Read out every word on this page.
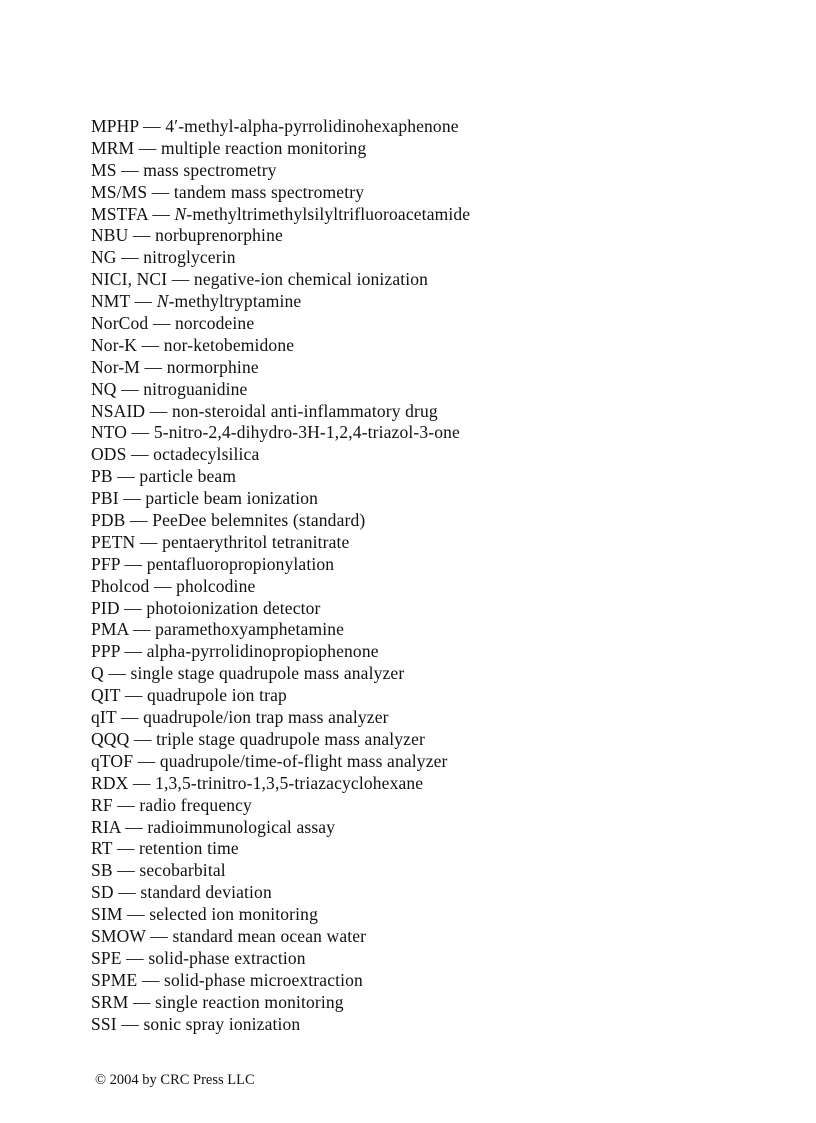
MPHP — 4′-methyl-alpha-pyrrolidinohexaphenone
MRM — multiple reaction monitoring
MS — mass spectrometry
MS/MS — tandem mass spectrometry
MSTFA — N-methyltrimethylsilyltrifluoroacetamide
NBU — norbuprenorphine
NG — nitroglycerin
NICI, NCI — negative-ion chemical ionization
NMT — N-methyltryptamine
NorCod — norcodeine
Nor-K — nor-ketobemidone
Nor-M — normorphine
NQ — nitroguanidine
NSAID — non-steroidal anti-inflammatory drug
NTO — 5-nitro-2,4-dihydro-3H-1,2,4-triazol-3-one
ODS — octadecylsilica
PB — particle beam
PBI — particle beam ionization
PDB — PeeDee belemnites (standard)
PETN — pentaerythritol tetranitrate
PFP — pentafluoropropionylation
Pholcod — pholcodine
PID — photoionization detector
PMA — paramethoxyamphetamine
PPP — alpha-pyrrolidinopropiophenone
Q — single stage quadrupole mass analyzer
QIT — quadrupole ion trap
qIT — quadrupole/ion trap mass analyzer
QQQ — triple stage quadrupole mass analyzer
qTOF — quadrupole/time-of-flight mass analyzer
RDX — 1,3,5-trinitro-1,3,5-triazacyclohexane
RF — radio frequency
RIA — radioimmunological assay
RT — retention time
SB — secobarbital
SD — standard deviation
SIM — selected ion monitoring
SMOW — standard mean ocean water
SPE — solid-phase extraction
SPME — solid-phase microextraction
SRM — single reaction monitoring
SSI — sonic spray ionization
© 2004 by CRC Press LLC
